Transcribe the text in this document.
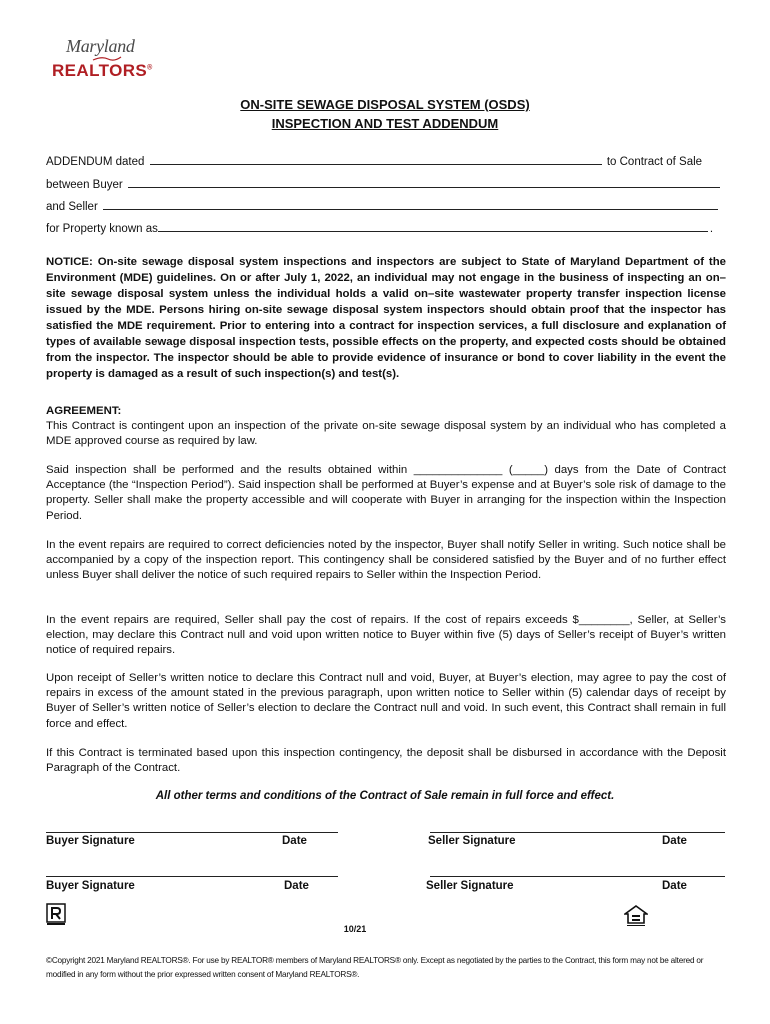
Maryland
REALTORS®
ON-SITE SEWAGE DISPOSAL SYSTEM (OSDS)
INSPECTION AND TEST ADDENDUM
ADDENDUM dated	to Contract of Sale
between Buyer
and Seller
for Property known as	.
NOTICE: On-site sewage disposal system inspections and inspectors are subject to State of Maryland Department of the Environment (MDE) guidelines. On or after July 1, 2022, an individual may not engage in the business of inspecting an on–site sewage disposal system unless the individual holds a valid on–site wastewater property transfer inspection license issued by the MDE. Persons hiring on-site sewage disposal system inspectors should obtain proof that the inspector has satisfied the MDE requirement. Prior to entering into a contract for inspection services, a full disclosure and explanation of types of available sewage disposal inspection tests, possible effects on the property, and expected costs should be obtained from the inspector. The inspector should be able to provide evidence of insurance or bond to cover liability in the event the property is damaged as a result of such inspection(s) and test(s).
AGREEMENT:
This Contract is contingent upon an inspection of the private on-site sewage disposal system by an individual who has completed a MDE approved course as required by law.
Said inspection shall be performed and the results obtained within ______________ (_____) days from the Date of Contract Acceptance (the “Inspection Period”). Said inspection shall be performed at Buyer’s expense and at Buyer’s sole risk of damage to the property. Seller shall make the property accessible and will cooperate with Buyer in arranging for the inspection within the Inspection Period.
In the event repairs are required to correct deficiencies noted by the inspector, Buyer shall notify Seller in writing. Such notice shall be accompanied by a copy of the inspection report. This contingency shall be considered satisfied by the Buyer and of no further effect unless Buyer shall deliver the notice of such required repairs to Seller within the Inspection Period.
In the event repairs are required, Seller shall pay the cost of repairs. If the cost of repairs exceeds $________, Seller, at Seller’s election, may declare this Contract null and void upon written notice to Buyer within five (5) days of Seller’s receipt of Buyer’s written notice of required repairs.
Upon receipt of Seller’s written notice to declare this Contract null and void, Buyer, at Buyer’s election, may agree to pay the cost of repairs in excess of the amount stated in the previous paragraph, upon written notice to Seller within (5) calendar days of receipt by Buyer of Seller’s written notice of Seller’s election to declare the Contract null and void. In such event, this Contract shall remain in full force and effect.
If this Contract is terminated based upon this inspection contingency, the deposit shall be disbursed in accordance with the Deposit Paragraph of the Contract.
All other terms and conditions of the Contract of Sale remain in full force and effect.
Buyer Signature	Date	Seller Signature	Date
Buyer Signature	Date	Seller Signature	Date
10/21
©Copyright 2021 Maryland REALTORS®. For use by REALTOR® members of Maryland REALTORS® only. Except as negotiated by the parties to the Contract, this form may not be altered or modified in any form without the prior expressed written consent of Maryland REALTORS®.
